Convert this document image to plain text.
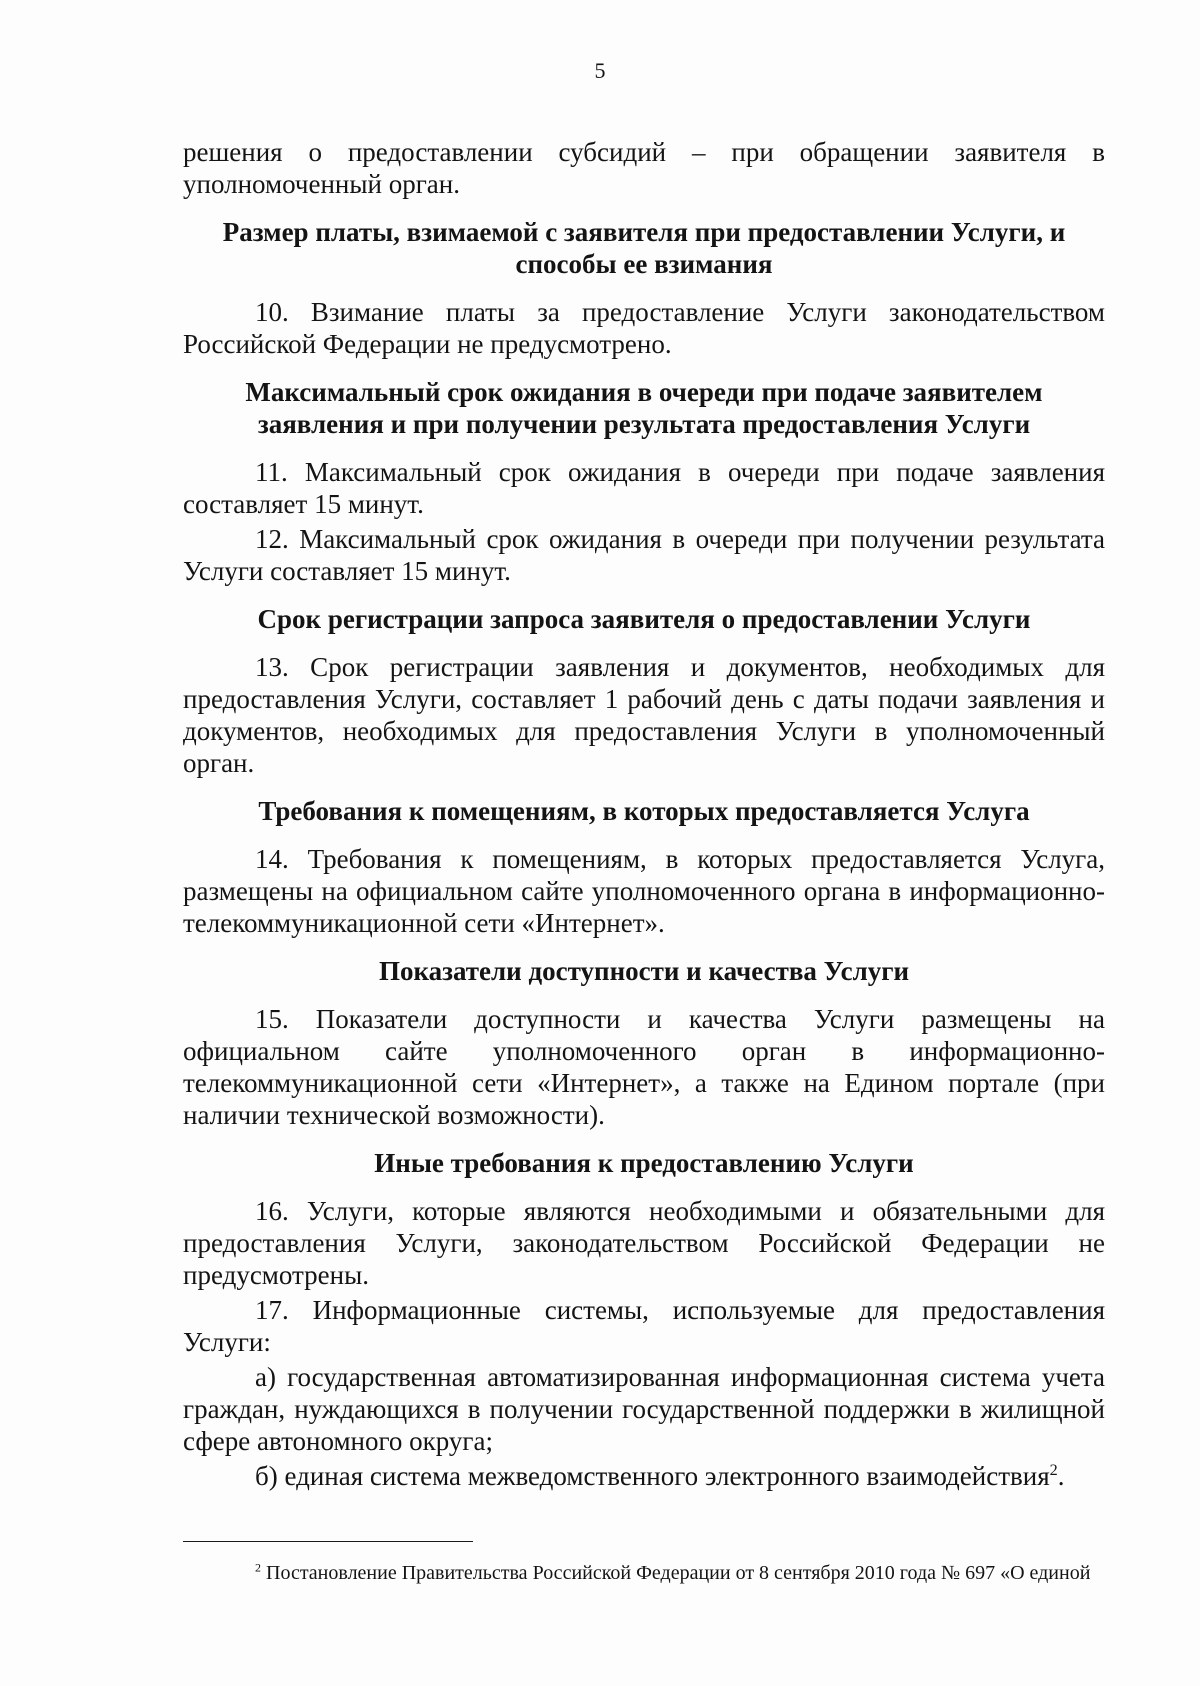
5

решения о предоставлении субсидий – при обращении заявителя в уполномоченный орган.

Размер платы, взимаемой с заявителя при предоставлении Услуги, и способы ее взимания

10. Взимание платы за предоставление Услуги законодательством Российской Федерации не предусмотрено.

Максимальный срок ожидания в очереди при подаче заявителем заявления и при получении результата предоставления Услуги

11. Максимальный срок ожидания в очереди при подаче заявления составляет 15 минут.

12. Максимальный срок ожидания в очереди при получении результата Услуги составляет 15 минут.

Срок регистрации запроса заявителя о предоставлении Услуги

13. Срок регистрации заявления и документов, необходимых для предоставления Услуги, составляет 1 рабочий день с даты подачи заявления и документов, необходимых для предоставления Услуги в уполномоченный орган.

Требования к помещениям, в которых предоставляется Услуга

14. Требования к помещениям, в которых предоставляется Услуга, размещены на официальном сайте уполномоченного органа в информационно-телекоммуникационной сети «Интернет».

Показатели доступности и качества Услуги

15. Показатели доступности и качества Услуги размещены на официальном сайте уполномоченного орган в информационно-телекоммуникационной сети «Интернет», а также на Едином портале (при наличии технической возможности).

Иные требования к предоставлению Услуги

16. Услуги, которые являются необходимыми и обязательными для предоставления Услуги, законодательством Российской Федерации не предусмотрены.

17. Информационные системы, используемые для предоставления Услуги:

а) государственная автоматизированная информационная система учета граждан, нуждающихся в получении государственной поддержки в жилищной сфере автономного округа;

б) единая система межведомственного электронного взаимодействия$^2$.

$^2$ Постановление Правительства Российской Федерации от 8 сентября 2010 года № 697 «О единой
